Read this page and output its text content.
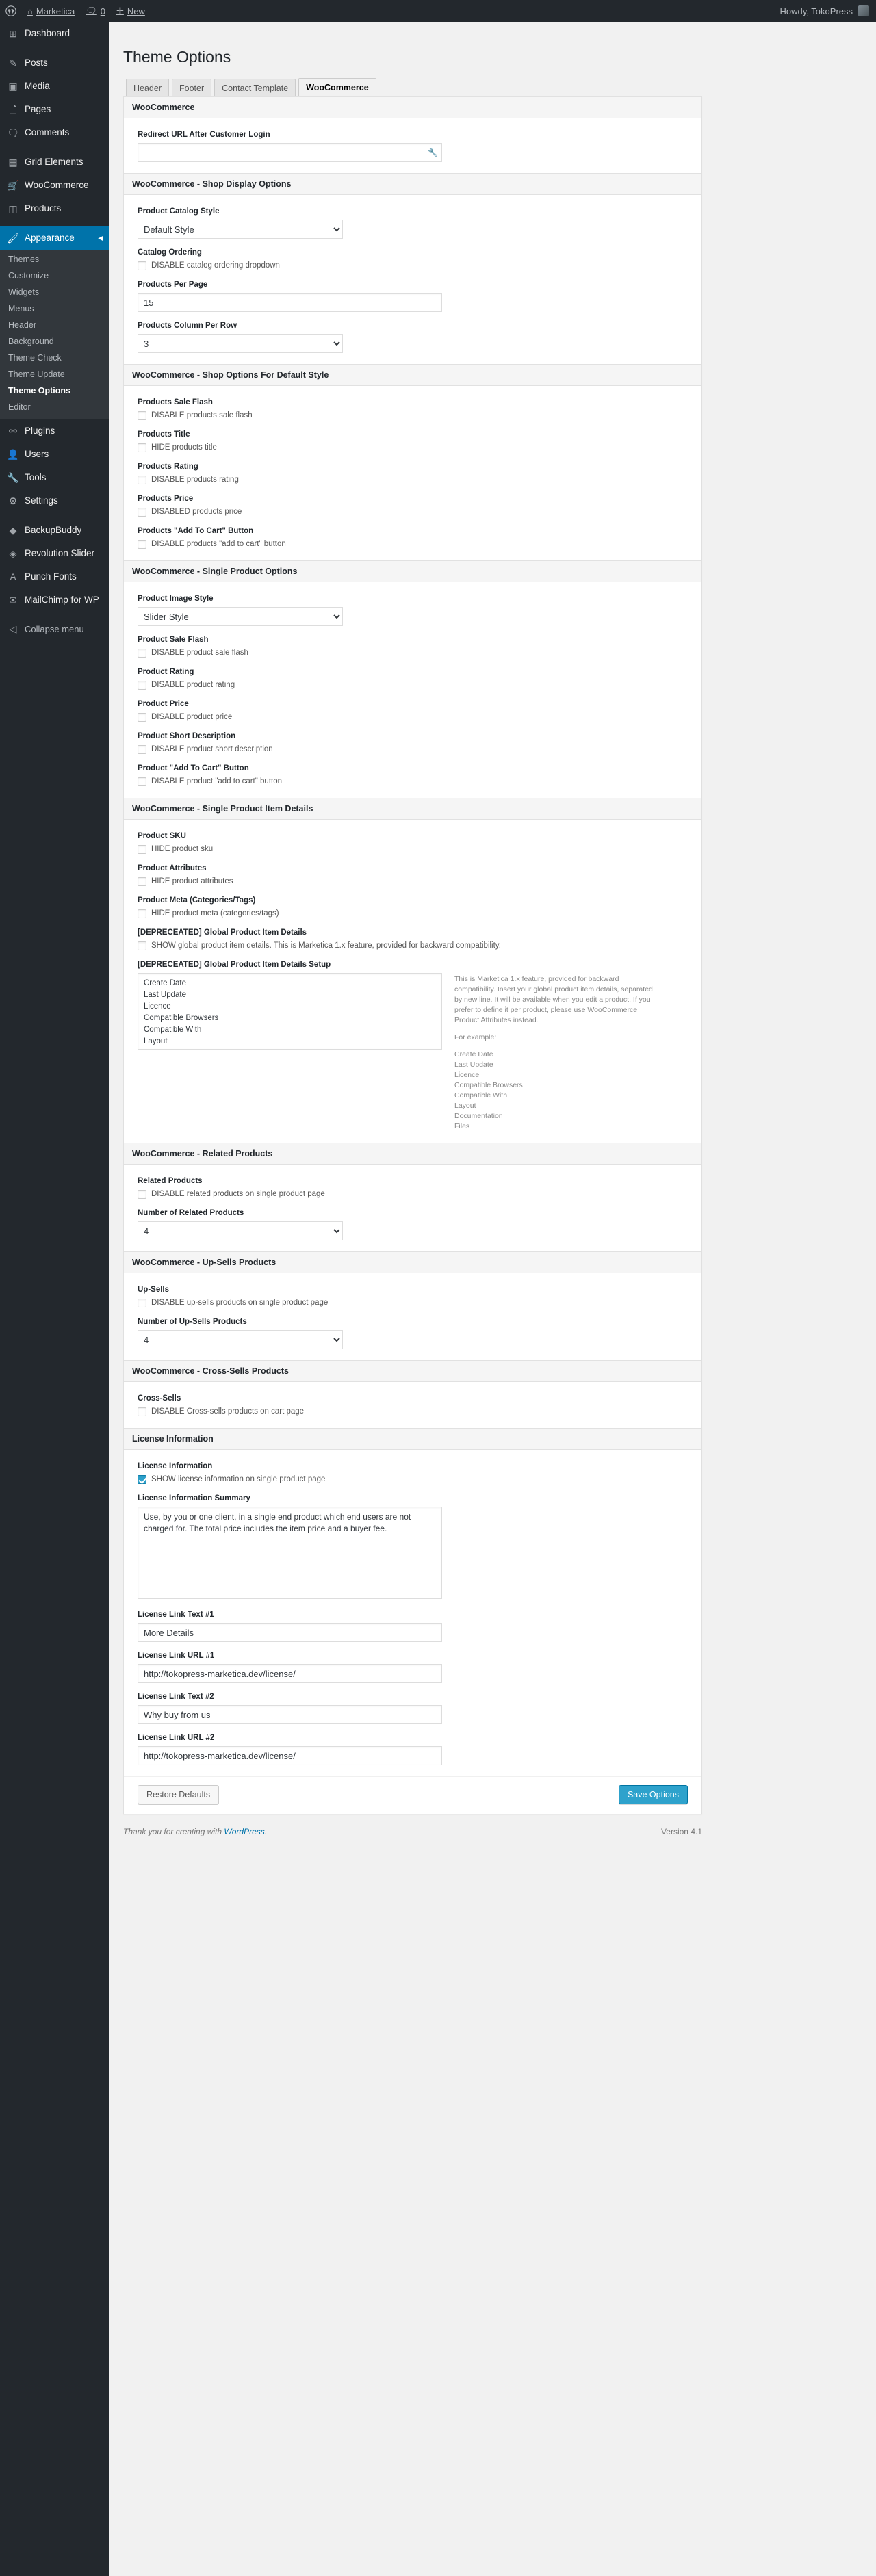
⌂ Marketica 🗨 0 ✛ New	Howdy, TokoPress
⊞ Dashboard
✎ Posts
▣ Media
🗋 Pages
🗨 Comments
▦ Grid Elements
🛒 WooCommerce
◫ Products
🖌 Appearance	◂
Themes
Customize
Widgets
Menus
Header
Background
Theme Check
Theme Update
Theme Options
Editor
⚯ Plugins
👤 Users
🔧 Tools
⚙ Settings
◆ BackupBuddy
◈ Revolution Slider
A Punch Fonts
✉ MailChimp for WP
◁ Collapse menu
Theme Options
Header	Footer	Contact Template	WooCommerce
WooCommerce
Redirect URL After Customer Login
🔧
WooCommerce - Shop Display Options
Product Catalog Style
Default Style
Catalog Ordering
DISABLE catalog ordering dropdown
Products Per Page
15
Products Column Per Row
3
WooCommerce - Shop Options For Default Style
Products Sale Flash
DISABLE products sale flash
Products Title
HIDE products title
Products Rating
DISABLE products rating
Products Price
DISABLED products price
Products "Add To Cart" Button
DISABLE products "add to cart" button
WooCommerce - Single Product Options
Product Image Style
Slider Style
Product Sale Flash
DISABLE product sale flash
Product Rating
DISABLE product rating
Product Price
DISABLE product price
Product Short Description
DISABLE product short description
Product "Add To Cart" Button
DISABLE product "add to cart" button
WooCommerce - Single Product Item Details
Product SKU
HIDE product sku
Product Attributes
HIDE product attributes
Product Meta (Categories/Tags)
HIDE product meta (categories/tags)
[DEPRECEATED] Global Product Item Details
SHOW global product item details. This is Marketica 1.x feature, provided for backward compatibility.
[DEPRECEATED] Global Product Item Details Setup
Create Date Last Update Licence Compatible Browsers Compatible With Layout Documentation Files

This is Marketica 1.x feature, provided for backward compatibility. Insert your global product item details, separated by new line. It will be available when you edit a product. If you prefer to define it per product, please use WooCommerce Product Attributes instead.

For example:

Create Date
Last Update
Licence
Compatible Browsers
Compatible With
Layout
Documentation
Files
WooCommerce - Related Products
Related Products
DISABLE related products on single product page
Number of Related Products
4
WooCommerce - Up-Sells Products
Up-Sells
DISABLE up-sells products on single product page
Number of Up-Sells Products
4
WooCommerce - Cross-Sells Products
Cross-Sells
DISABLE Cross-sells products on cart page
License Information
License Information
SHOW license information on single product page
License Information Summary
Use, by you or one client, in a single end product which end users are not charged for. The total price includes the item price and a buyer fee.
License Link Text #1
More Details
License Link URL #1
http://tokopress-marketica.dev/license/
License Link Text #2
Why buy from us
License Link URL #2
http://tokopress-marketica.dev/license/
Restore Defaults	Save Options
Thank you for creating with WordPress.	Version 4.1
